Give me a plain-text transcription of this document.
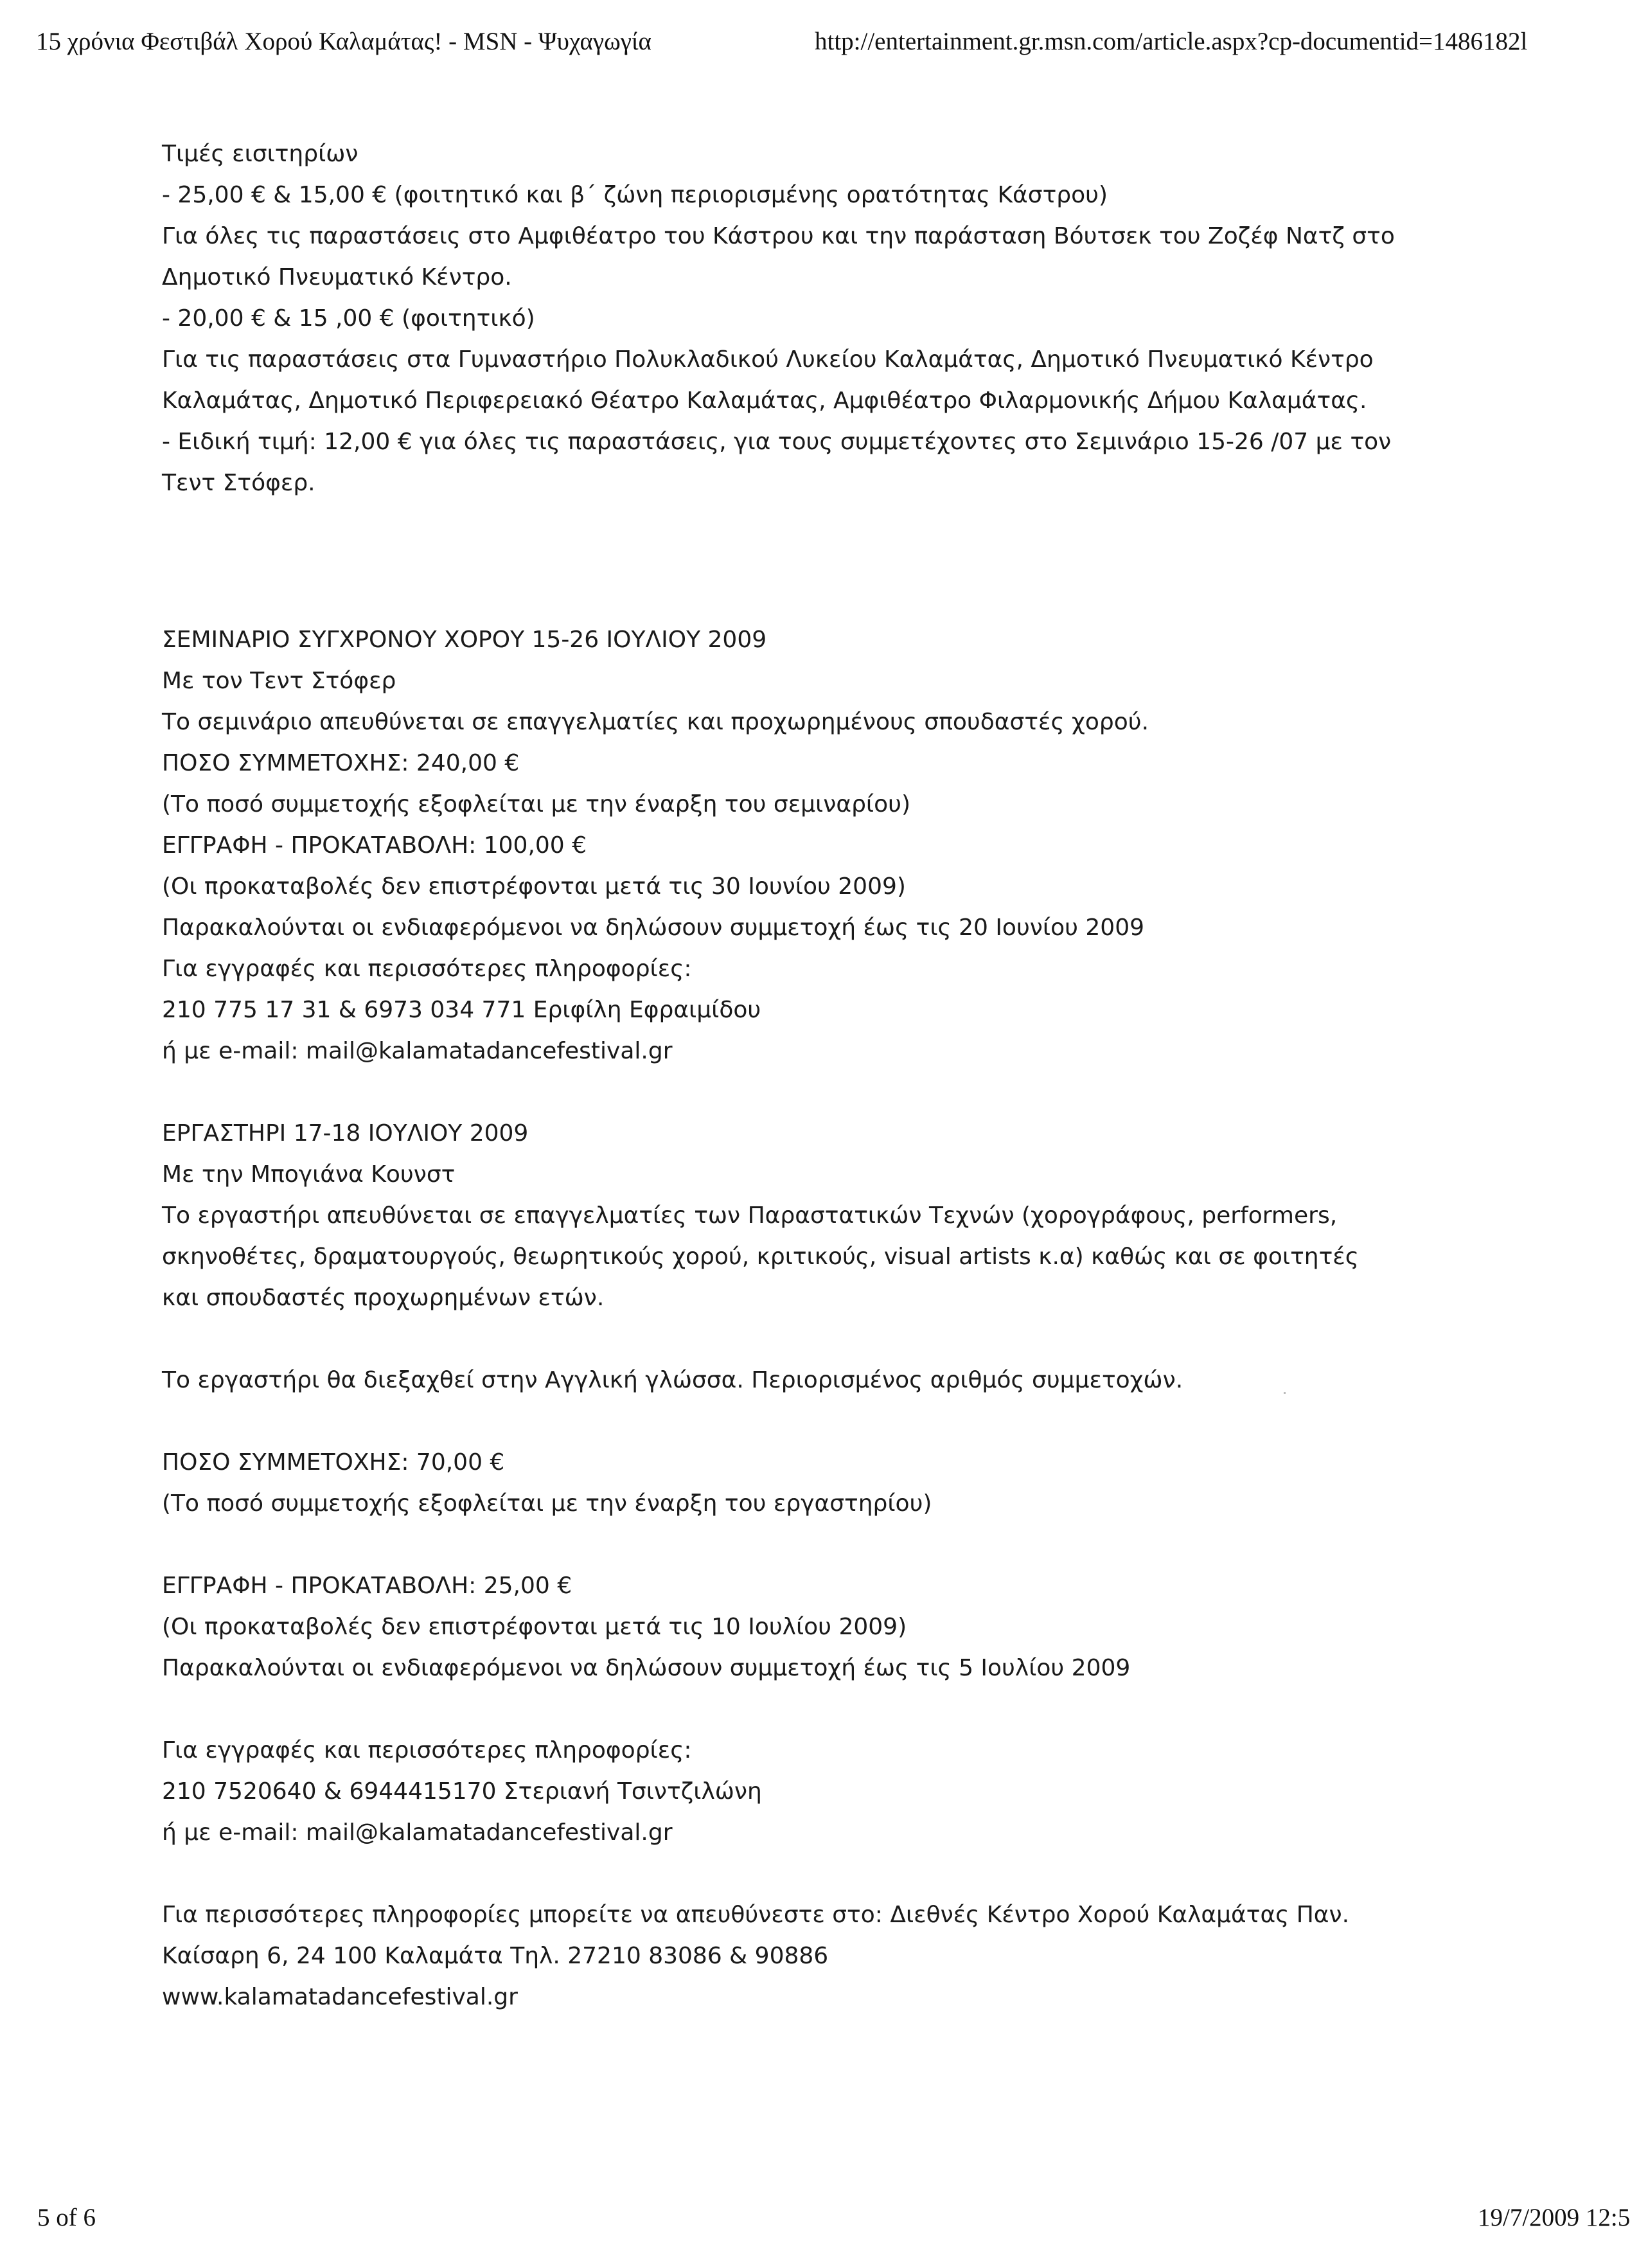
15 χρόνια Φεστιβάλ Χορού Καλαμάτας! - MSN - Ψυχαγωγία	http://entertainment.gr.msn.com/article.aspx?cp-documentid=1486182l
Τιμές εισιτηρίων
- 25,00 € & 15,00 € (φοιτητικό και β΄ ζώνη περιορισμένης ορατότητας Κάστρου)
Για όλες τις παραστάσεις στο Αμφιθέατρο του Κάστρου και την παράσταση Βόυτσεκ του Ζοζέφ Νατζ στο
Δημοτικό Πνευματικό Κέντρο.
- 20,00 € & 15 ,00 € (φοιτητικό)
Για τις παραστάσεις στα Γυμναστήριο Πολυκλαδικού Λυκείου Καλαμάτας, Δημοτικό Πνευματικό Κέντρο
Καλαμάτας, Δημοτικό Περιφερειακό Θέατρο Καλαμάτας, Αμφιθέατρο Φιλαρμονικής Δήμου Καλαμάτας.
- Ειδική τιμή: 12,00 € για όλες τις παραστάσεις, για τους συμμετέχοντες στο Σεμινάριο 15-26 /07 με τον
Τεντ Στόφερ.
ΣΕΜΙΝΑΡΙΟ ΣΥΓΧΡΟΝΟΥ ΧΟΡΟΥ 15-26 ΙΟΥΛΙΟΥ 2009
Με τον Τεντ Στόφερ
Το σεμινάριο απευθύνεται σε επαγγελματίες και προχωρημένους σπουδαστές χορού.
ΠΟΣΟ ΣΥΜΜΕΤΟΧΗΣ: 240,00 €
(Το ποσό συμμετοχής εξοφλείται με την έναρξη του σεμιναρίου)
ΕΓΓΡΑΦΗ - ΠΡΟΚΑΤΑΒΟΛΗ: 100,00 €
(Οι προκαταβολές δεν επιστρέφονται μετά τις 30 Ιουνίου 2009)
Παρακαλούνται οι ενδιαφερόμενοι να δηλώσουν συμμετοχή έως τις 20 Ιουνίου 2009
Για εγγραφές και περισσότερες πληροφορίες:
210 775 17 31 & 6973 034 771 Εριφίλη Εφραιμίδου
ή με e-mail: mail@kalamatadancefestival.gr
ΕΡΓΑΣΤΗΡΙ 17-18 ΙΟΥΛΙΟΥ 2009
Με την Μπογιάνα Κουνστ
Το εργαστήρι απευθύνεται σε επαγγελματίες των Παραστατικών Τεχνών (χορογράφους, performers,
σκηνοθέτες, δραματουργούς, θεωρητικούς χορού, κριτικούς, visual artists κ.α) καθώς και σε φοιτητές
και σπουδαστές προχωρημένων ετών.
Το εργαστήρι θα διεξαχθεί στην Αγγλική γλώσσα. Περιορισμένος αριθμός συμμετοχών.
ΠΟΣΟ ΣΥΜΜΕΤΟΧΗΣ: 70,00 €
(Το ποσό συμμετοχής εξοφλείται με την έναρξη του εργαστηρίου)
ΕΓΓΡΑΦΗ - ΠΡΟΚΑΤΑΒΟΛΗ: 25,00 €
(Οι προκαταβολές δεν επιστρέφονται μετά τις 10 Ιουλίου 2009)
Παρακαλούνται οι ενδιαφερόμενοι να δηλώσουν συμμετοχή έως τις 5 Ιουλίου 2009
Για εγγραφές και περισσότερες πληροφορίες:
210 7520640 & 6944415170 Στεριανή Τσιντζιλώνη
ή με e-mail: mail@kalamatadancefestival.gr
Για περισσότερες πληροφορίες μπορείτε να απευθύνεστε στο: Διεθνές Κέντρο Χορού Καλαμάτας Παν.
Καίσαρη 6, 24 100 Καλαμάτα Τηλ. 27210 83086 & 90886
www.kalamatadancefestival.gr
5 of 6	19/7/2009 12:5
